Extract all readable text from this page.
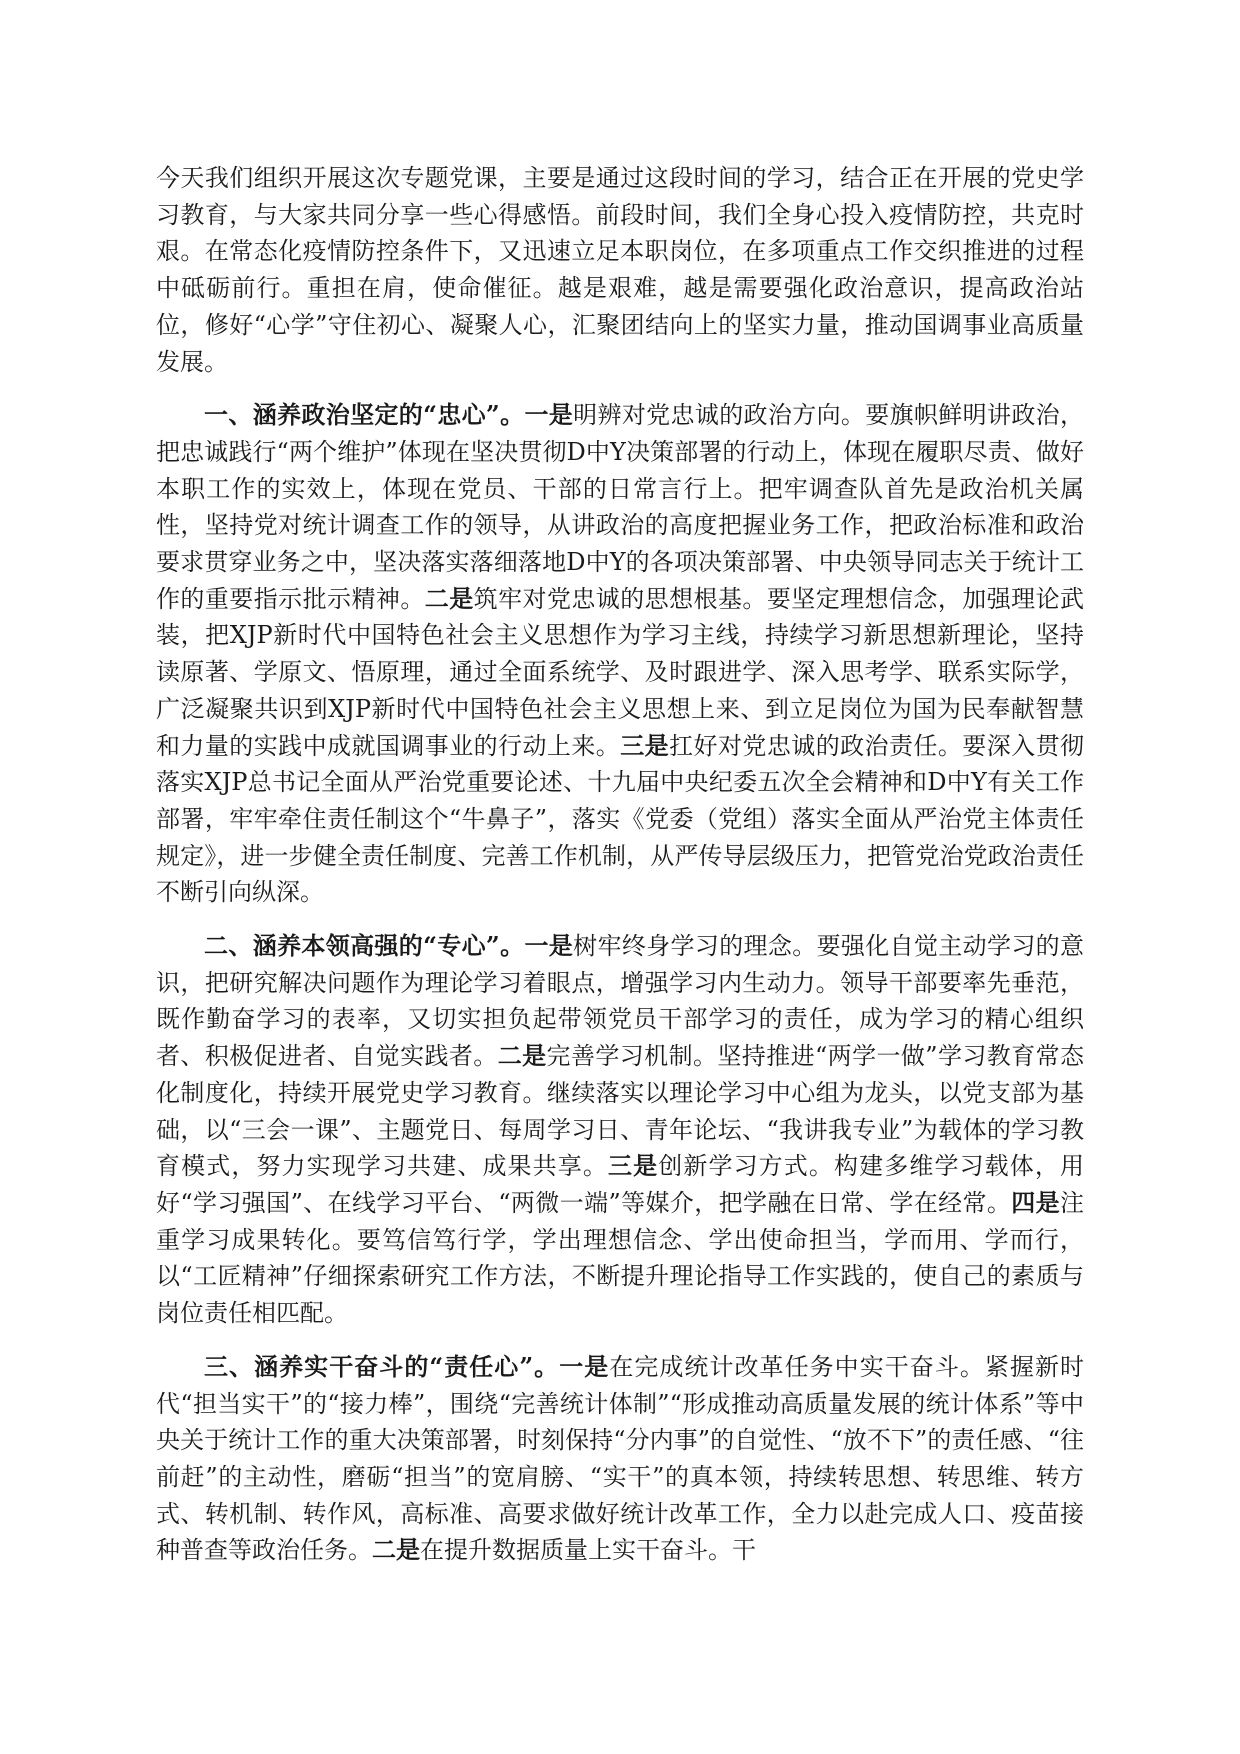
今天我们组织开展这次专题党课，主要是通过这段时间的学习，结合正在开展的党史学习教育，与大家共同分享一些心得感悟。前段时间，我们全身心投入疫情防控，共克时艰。在常态化疫情防控条件下，又迅速立足本职岗位，在多项重点工作交织推进的过程中砥砺前行。重担在肩，使命催征。越是艰难，越是需要强化政治意识，提高政治站位，修好“心学”守住初心、凝聚人心，汇聚团结向上的坚实力量，推动国调事业高质量发展。

一、涵养政治坚定的“忠心”。一是明辨对党忠诚的政治方向。要旗帜鲜明讲政治，把忠诚践行“两个维护”体现在坚决贯彻D中Y决策部署的行动上，体现在履职尽责、做好本职工作的实效上，体现在党员、干部的日常言行上。把牢调查队首先是政治机关属性，坚持党对统计调查工作的领导，从讲政治的高度把握业务工作，把政治标准和政治要求贯穿业务之中，坚决落实落细落地D中Y的各项决策部署、中央领导同志关于统计工作的重要指示批示精神。二是筑牢对党忠诚的思想根基。要坚定理想信念，加强理论武装，把XJP新时代中国特色社会主义思想作为学习主线，持续学习新思想新理论，坚持读原著、学原文、悟原理，通过全面系统学、及时跟进学、深入思考学、联系实际学，广泛凝聚共识到XJP新时代中国特色社会主义思想上来、到立足岗位为国为民奉献智慧和力量的实践中成就国调事业的行动上来。三是扛好对党忠诚的政治责任。要深入贯彻落实XJP总书记全面从严治党重要论述、十九届中央纪委五次全会精神和D中Y有关工作部署，牢牢牵住责任制这个“牛鼻子”，落实《党委（党组）落实全面从严治党主体责任规定》，进一步健全责任制度、完善工作机制，从严传导层级压力，把管党治党政治责任不断引向纵深。

二、涵养本领高强的“专心”。一是树牢终身学习的理念。要强化自觉主动学习的意识，把研究解决问题作为理论学习着眼点，增强学习内生动力。领导干部要率先垂范，既作勤奋学习的表率，又切实担负起带领党员干部学习的责任，成为学习的精心组织者、积极促进者、自觉实践者。二是完善学习机制。坚持推进“两学一做”学习教育常态化制度化，持续开展党史学习教育。继续落实以理论学习中心组为龙头，以党支部为基础，以“三会一课”、主题党日、每周学习日、青年论坛、“我讲我专业”为载体的学习教育模式，努力实现学习共建、成果共享。三是创新学习方式。构建多维学习载体，用好“学习强国”、在线学习平台、“两微一端”等媒介，把学融在日常、学在经常。四是注重学习成果转化。要笃信笃行学，学出理想信念、学出使命担当，学而用、学而行，以“工匠精神”仔细探索研究工作方法，不断提升理论指导工作实践的，使自己的素质与岗位责任相匹配。

三、涵养实干奋斗的“责任心”。一是在完成统计改革任务中实干奋斗。紧握新时代“担当实干”的“接力棒”，围绕“完善统计体制”“形成推动高质量发展的统计体系”等中央关于统计工作的重大决策部署，时刻保持“分内事”的自觉性、“放不下”的责任感、“往前赶”的主动性，磨砺“担当”的宽肩膀、“实干”的真本领，持续转思想、转思维、转方式、转机制、转作风，高标准、高要求做好统计改革工作，全力以赴完成人口、疫苗接种普查等政治任务。二是在提升数据质量上实干奋斗。干
